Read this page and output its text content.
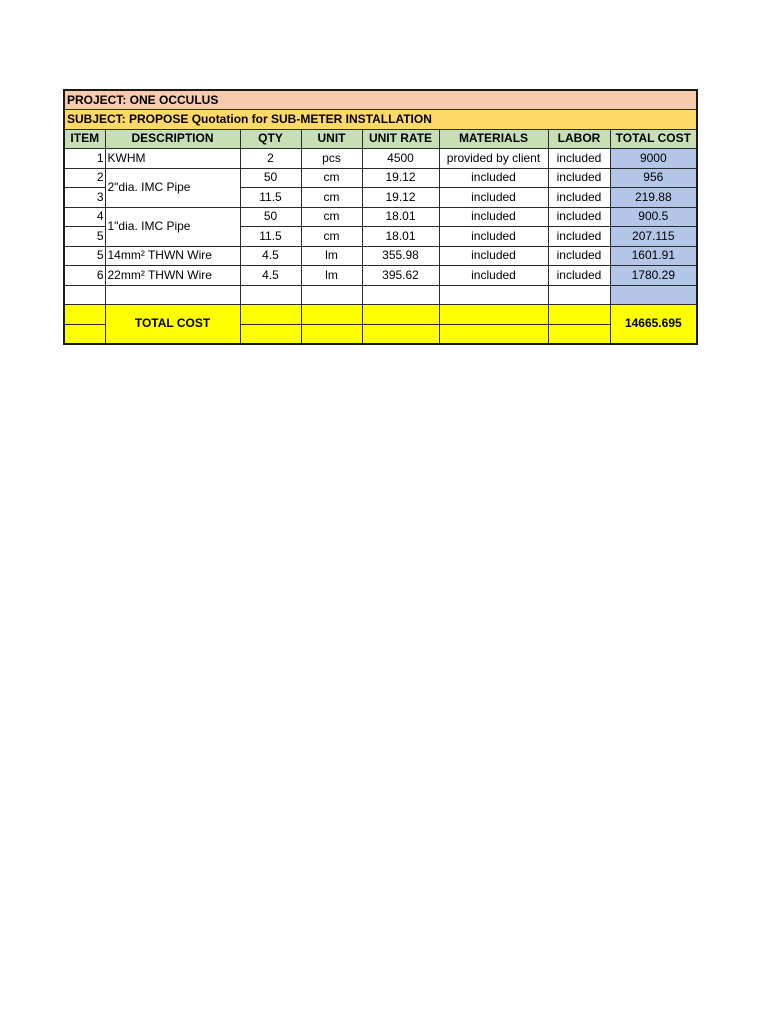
PROJECT: ONE OCCULUS							
SUBJECT: PROPOSE Quotation for SUB-METER INSTALLATION							
ITEM	DESCRIPTION	QTY	UNIT	UNIT RATE	MATERIALS	LABOR	TOTAL COST
1	KWHM	2	pcs	4500	provided by client	included	9000
2	2"dia. IMC Pipe	50	cm	19.12	included	included	956
3		11.5	cm	19.12	included	included	219.88
4	1"dia. IMC Pipe	50	cm	18.01	included	included	900.5
5		11.5	cm	18.01	included	included	207.115
5	14mm² THWN Wire	4.5	lm	355.98	included	included	1601.91
6	22mm² THWN Wire	4.5	lm	395.62	included	included	1780.29

	TOTAL COST						14665.695
